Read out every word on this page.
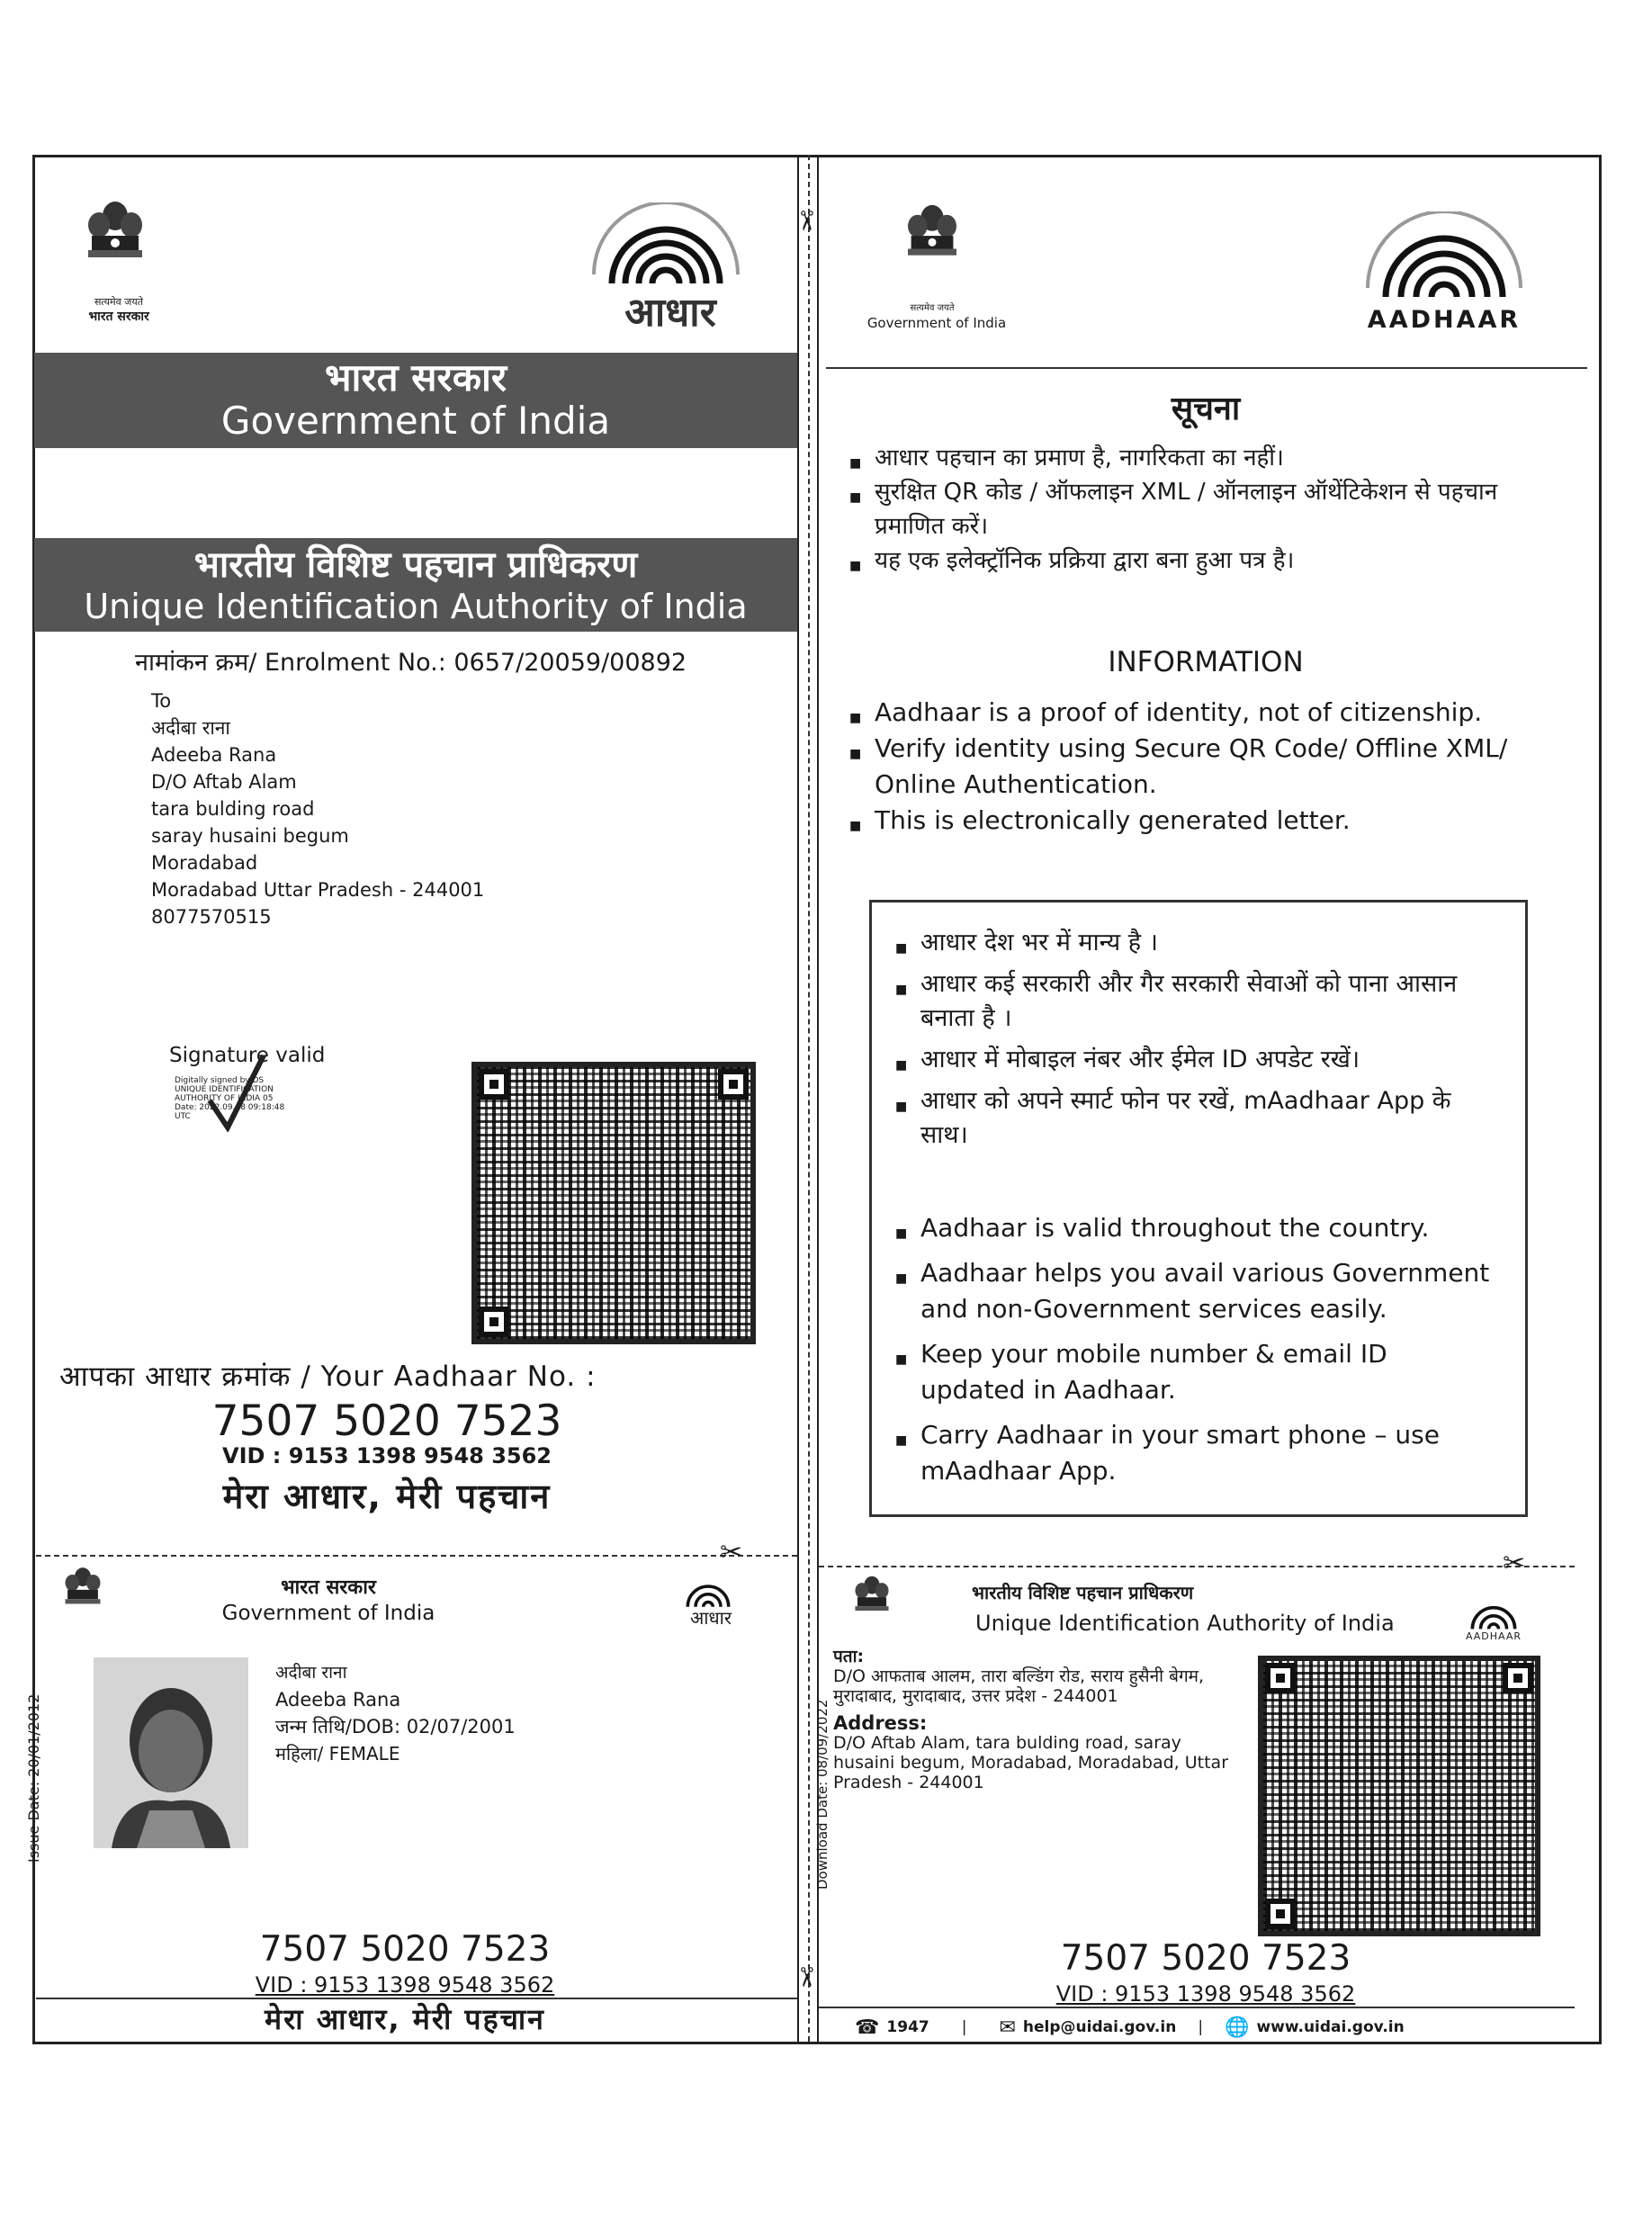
✂
✂
सत्यमेव जयते
भारत सरकार	आधार
भारत सरकार
Government of India
भारतीय विशिष्ट पहचान प्राधिकरण
Unique Identification Authority of India
नामांकन क्रम/ Enrolment No.: 0657/20059/00892
To
अदीबा राना
Adeeba Rana
D/O Aftab Alam
tara bulding road
saray husaini begum
Moradabad
Moradabad Uttar Pradesh - 244001
8077570515
Signature valid
Digitally signed by DS
UNIQUE IDENTIFICATION
AUTHORITY OF INDIA 05
Date: 2022.09.08 09:18:48
UTC
आपका आधार क्रमांक / Your Aadhaar No. :
7507 5020 7523
VID : 9153 1398 9548 3562
मेरा आधार, मेरी पहचान
सत्यमेव जयते
Government of India	AADHAAR
सूचना
■ आधार पहचान का प्रमाण है, नागरिकता का नहीं।
■ सुरक्षित QR कोड / ऑफलाइन XML / ऑनलाइन ऑथेंटिकेशन से पहचान प्रमाणित करें।
■ यह एक इलेक्ट्रॉनिक प्रक्रिया द्वारा बना हुआ पत्र है।
INFORMATION
■ Aadhaar is a proof of identity, not of citizenship.
■ Verify identity using Secure QR Code/ Offline XML/ Online Authentication.
■ This is electronically generated letter.
■ आधार देश भर में मान्य है ।
■ आधार कई सरकारी और गैर सरकारी सेवाओं को पाना आसान बनाता है ।
■ आधार में मोबाइल नंबर और ईमेल ID अपडेट रखें।
■ आधार को अपने स्मार्ट फोन पर रखें, mAadhaar App के साथ।
■ Aadhaar is valid throughout the country.
■ Aadhaar helps you avail various Government and non-Government services easily.
■ Keep your mobile number & email ID updated in Aadhaar.
■ Carry Aadhaar in your smart phone – use mAadhaar App.
✂	✂
भारत सरकार
Government of India	आधार
Issue Date: 20/01/2012
अदीबा राना
Adeeba Rana
जन्म तिथि/DOB: 02/07/2001
महिला/ FEMALE
7507 5020 7523
VID : 9153 1398 9548 3562
मेरा आधार, मेरी पहचान
भारतीय विशिष्ट पहचान प्राधिकरण
Unique Identification Authority of India
AADHAAR
Download Date: 08/09/2022
पता:
D/O आफताब आलम, तारा बल्डिंग रोड, सराय हुसैनी बेगम, मुरादाबाद, मुरादाबाद, उत्तर प्रदेश - 244001
Address:
D/O Aftab Alam, tara bulding road, saray husaini begum, Moradabad, Moradabad, Uttar Pradesh - 244001
7507 5020 7523
VID : 9153 1398 9548 3562
☎ 1947 | ✉ help@uidai.gov.in | 🌐 www.uidai.gov.in
